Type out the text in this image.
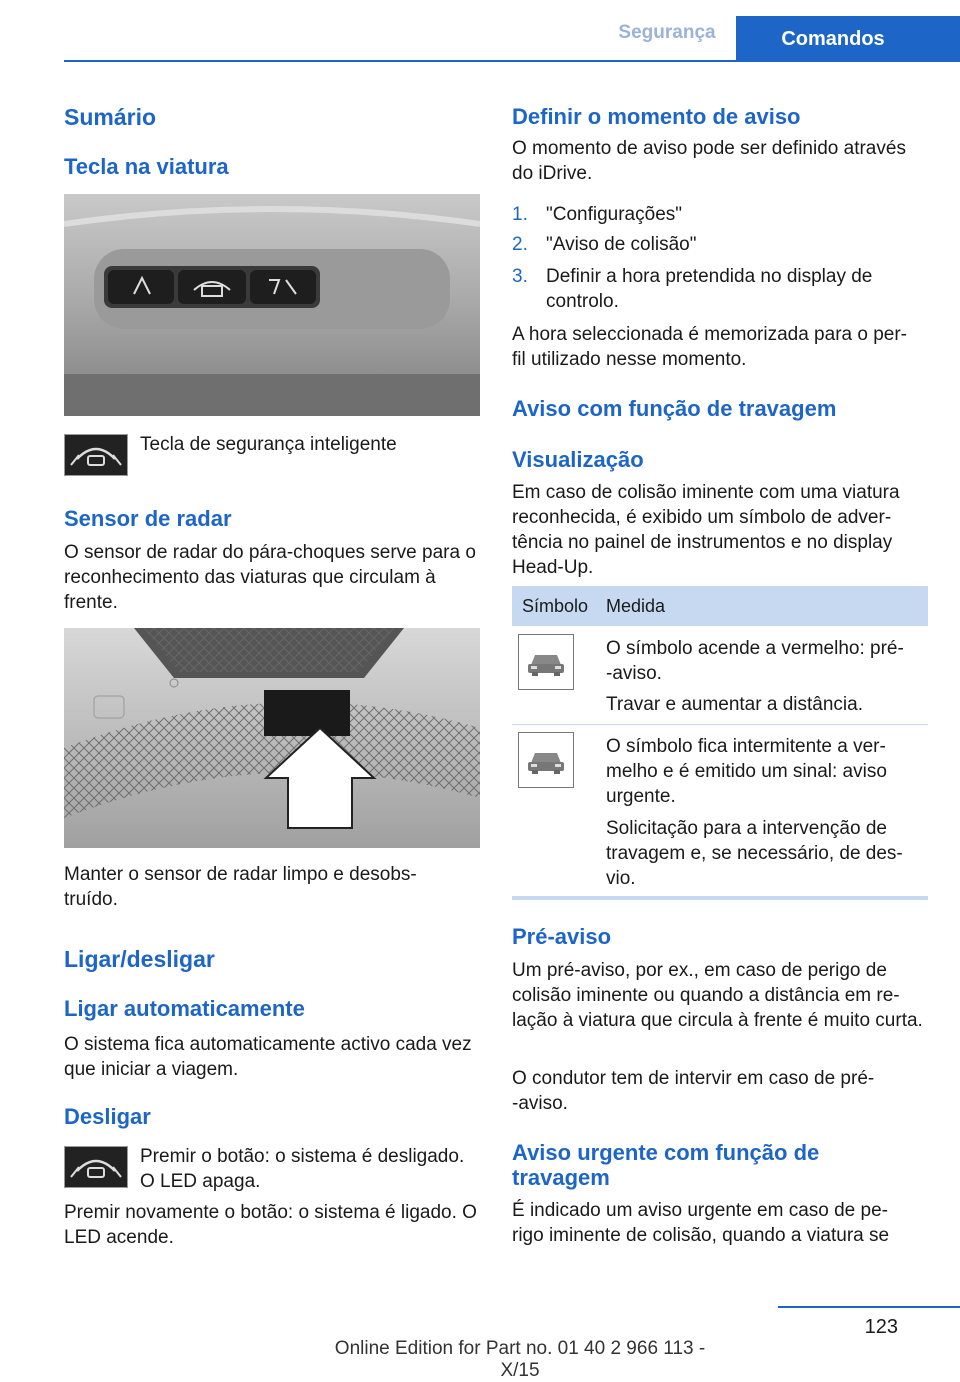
Segurança	Comandos
Sumário
Tecla na viatura
Tecla de segurança inteligente
Sensor de radar
O sensor de radar do pára-choques serve para o reconhecimento das viaturas que circulam à frente.
Manter o sensor de radar limpo e desobs-
truído.
Ligar/desligar
Ligar automaticamente
O sistema fica automaticamente activo cada vez que iniciar a viagem.
Desligar
Premir o botão: o sistema é desligado. O LED apaga.
Premir novamente o botão: o sistema é ligado. O LED acende.
Definir o momento de aviso
O momento de aviso pode ser definido através do iDrive.
1. "Configurações"
2. "Aviso de colisão"
3. Definir a hora pretendida no display de controlo.
A hora seleccionada é memorizada para o per-
fil utilizado nesse momento.
Aviso com função de travagem
Visualização
Em caso de colisão iminente com uma viatura reconhecida, é exibido um símbolo de adver-tência no painel de instrumentos e no display Head-Up.
Símbolo Medida
O símbolo acende a vermelho: pré-
-aviso.
Travar e aumentar a distância.
O símbolo fica intermitente a ver-
melho e é emitido um sinal: aviso
urgente.
Solicitação para a intervenção de
travagem e, se necessário, de des-
vio.
Pré-aviso
Um pré-aviso, por ex., em caso de perigo de colisão iminente ou quando a distância em re-lação à viatura que circula à frente é muito curta.
O condutor tem de intervir em caso de pré-
-aviso.
Aviso urgente com função de
travagem
É indicado um aviso urgente em caso de pe-
rigo iminente de colisão, quando a viatura se
123
Online Edition for Part no. 01 40 2 966 113 - X/15
